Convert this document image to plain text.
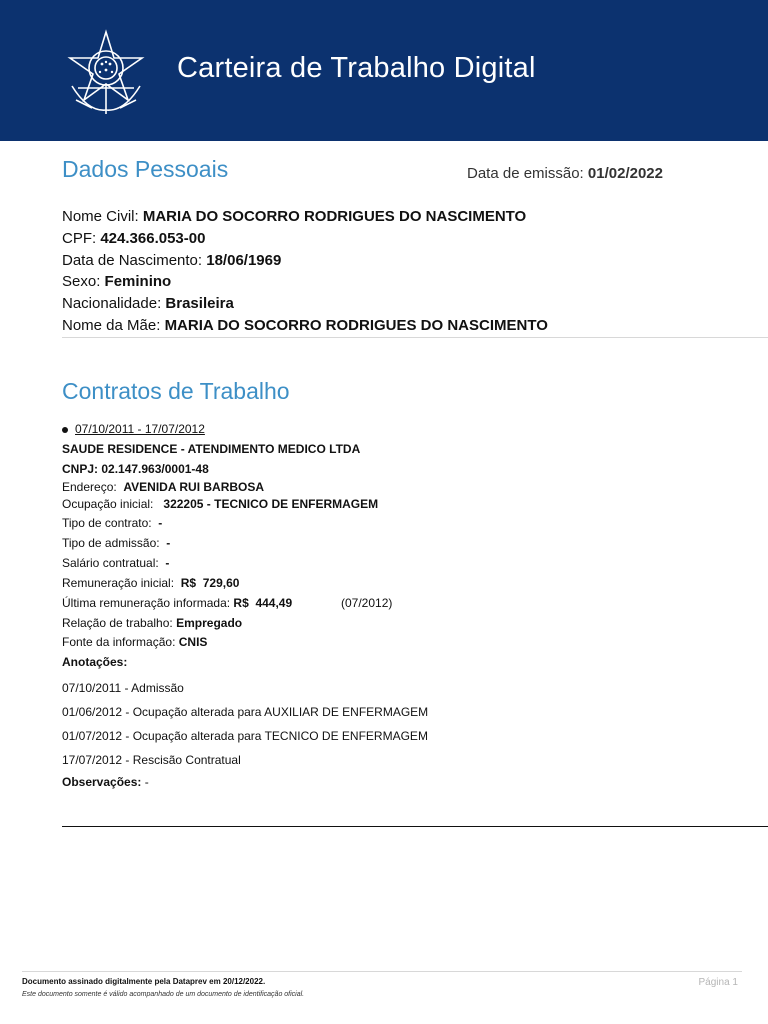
Carteira de Trabalho Digital
Dados Pessoais	Data de emissão: 01/02/2022
Nome Civil: MARIA DO SOCORRO RODRIGUES DO NASCIMENTO
CPF: 424.366.053-00
Data de Nascimento: 18/06/1969
Sexo: Feminino
Nacionalidade: Brasileira
Nome da Mãe: MARIA DO SOCORRO RODRIGUES DO NASCIMENTO
Contratos de Trabalho
07/10/2011 - 17/07/2012
SAUDE RESIDENCE - ATENDIMENTO MEDICO LTDA
CNPJ: 02.147.963/0001-48
Endereço: AVENIDA RUI BARBOSA
Ocupação inicial: 322205 - TECNICO DE ENFERMAGEM
Tipo de contrato: -
Tipo de admissão: -
Salário contratual: -
Remuneração inicial: R$ 729,60
Última remuneração informada: R$ 444,49	(07/2012)
Relação de trabalho: Empregado
Fonte da informação: CNIS
Anotações:
07/10/2011 - Admissão
01/06/2012 - Ocupação alterada para AUXILIAR DE ENFERMAGEM
01/07/2012 - Ocupação alterada para TECNICO DE ENFERMAGEM
17/07/2012 - Rescisão Contratual
Observações: -
Documento assinado digitalmente pela Dataprev em 20/12/2022.
Este documento somente é válido acompanhado de um documento de identificação oficial.
Página 1
